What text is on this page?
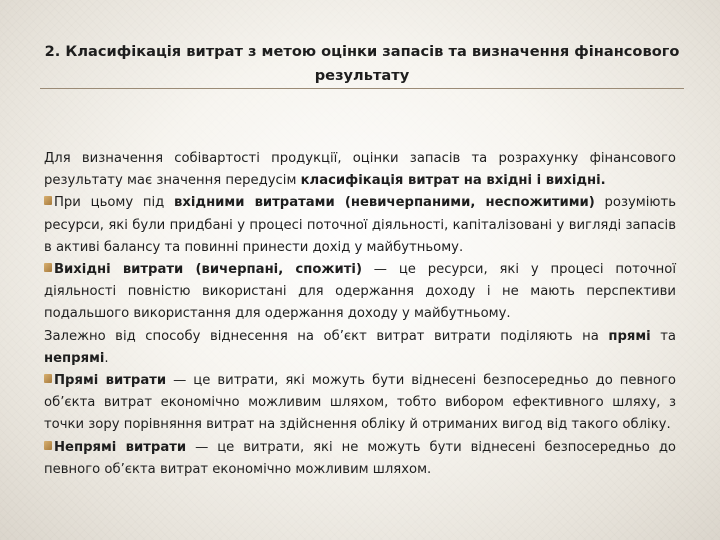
2. Класифікація витрат з метою оцінки запасів та визначення фінансового
результату

Для визначення собівартості продукції, оцінки запасів та розрахунку фінансового результату має значення передусім класифікація витрат на вхідні і вихідні.

При цьому під вхідними витратами (невичерпаними, неспожитими) розуміють ресурси, які були придбані у процесі поточної діяльності, капіталізовані у вигляді запасів в активі балансу та повинні принести дохід у майбутньому.

Вихідні витрати (вичерпані, спожиті) — це ресурси, які у процесі поточної діяльності повністю використані для одержання доходу і не мають перспективи подальшого використання для одержання доходу у майбутньому.

Залежно від способу віднесення на об’єкт витрат витрати поділяють на прямі та непрямі.

Прямі витрати — це витрати, які можуть бути віднесені безпосередньо до певного об’єкта витрат економічно можливим шляхом, тобто вибором ефективного шляху, з точки зору порівняння витрат на здійснення обліку й отриманих вигод від такого обліку.

Непрямі витрати — це витрати, які не можуть бути віднесені безпосередньо до певного об’єкта витрат економічно можливим шляхом.
